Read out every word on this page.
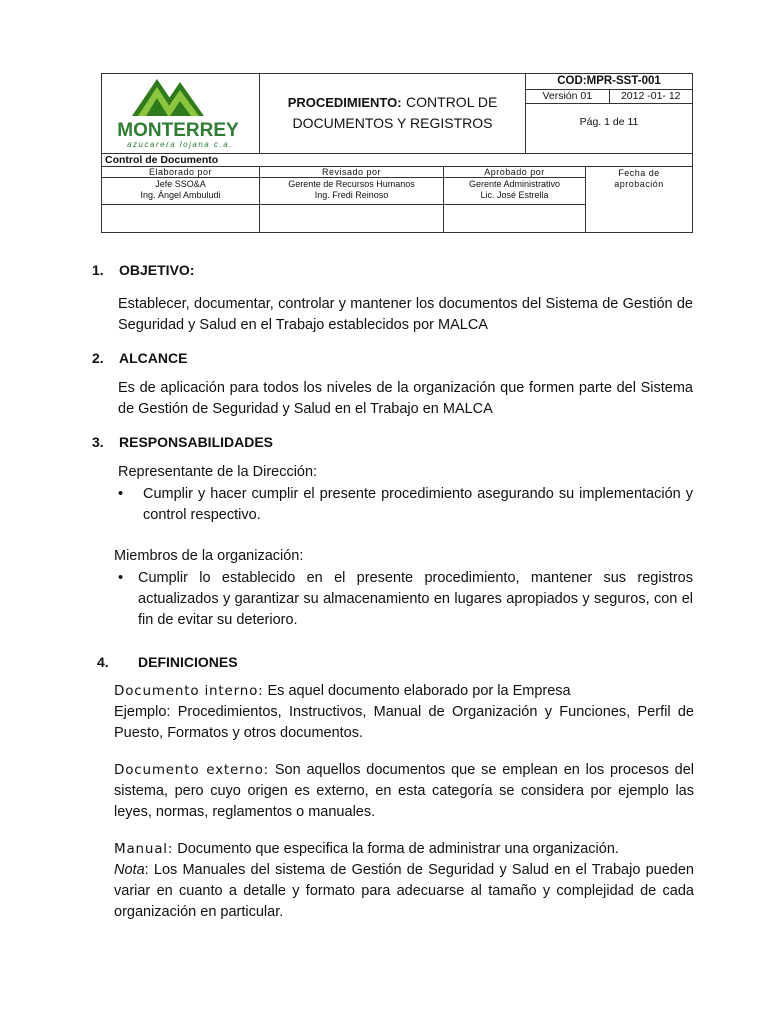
MONTERREY
azucarera lojana c.a.
PROCEDIMIENTO: CONTROL DE
DOCUMENTOS Y REGISTROS
COD:MPR-SST-001
Versión 01	2012 -01- 12
Pág. 1 de 11
Control de Documento
Elaborado por
Jefe SSO&A
Ing. Ángel Ambuludi
Revisado por
Gerente de Recursos Humanos
Ing. Fredi Reinoso
Aprobado por
Gerente Administrativo
Lic. José Estrella
Fecha de
aprobación
1. OBJETIVO:
Establecer, documentar, controlar y mantener los documentos del Sistema de Gestión de Seguridad y Salud en el Trabajo establecidos por MALCA
2. ALCANCE
Es de aplicación para todos los niveles de la organización que formen parte del Sistema de Gestión de Seguridad y Salud en el Trabajo en MALCA
3. RESPONSABILIDADES
Representante de la Dirección:
• Cumplir y hacer cumplir el presente procedimiento asegurando su implementación y control respectivo.
Miembros de la organización:
• Cumplir lo establecido en el presente procedimiento, mantener sus registros actualizados y garantizar su almacenamiento en lugares apropiados y seguros, con el fin de evitar su deterioro.
4. DEFINICIONES
Documento interno: Es aquel documento elaborado por la Empresa
Ejemplo: Procedimientos, Instructivos, Manual de Organización y Funciones, Perfil de Puesto, Formatos y otros documentos.
Documento externo: Son aquellos documentos que se emplean en los procesos del sistema, pero cuyo origen es externo, en esta categoría se considera por ejemplo las leyes, normas, reglamentos o manuales.
Manual: Documento que especifica la forma de administrar una organización.
Nota: Los Manuales del sistema de Gestión de Seguridad y Salud en el Trabajo pueden variar en cuanto a detalle y formato para adecuarse al tamaño y complejidad de cada organización en particular.
